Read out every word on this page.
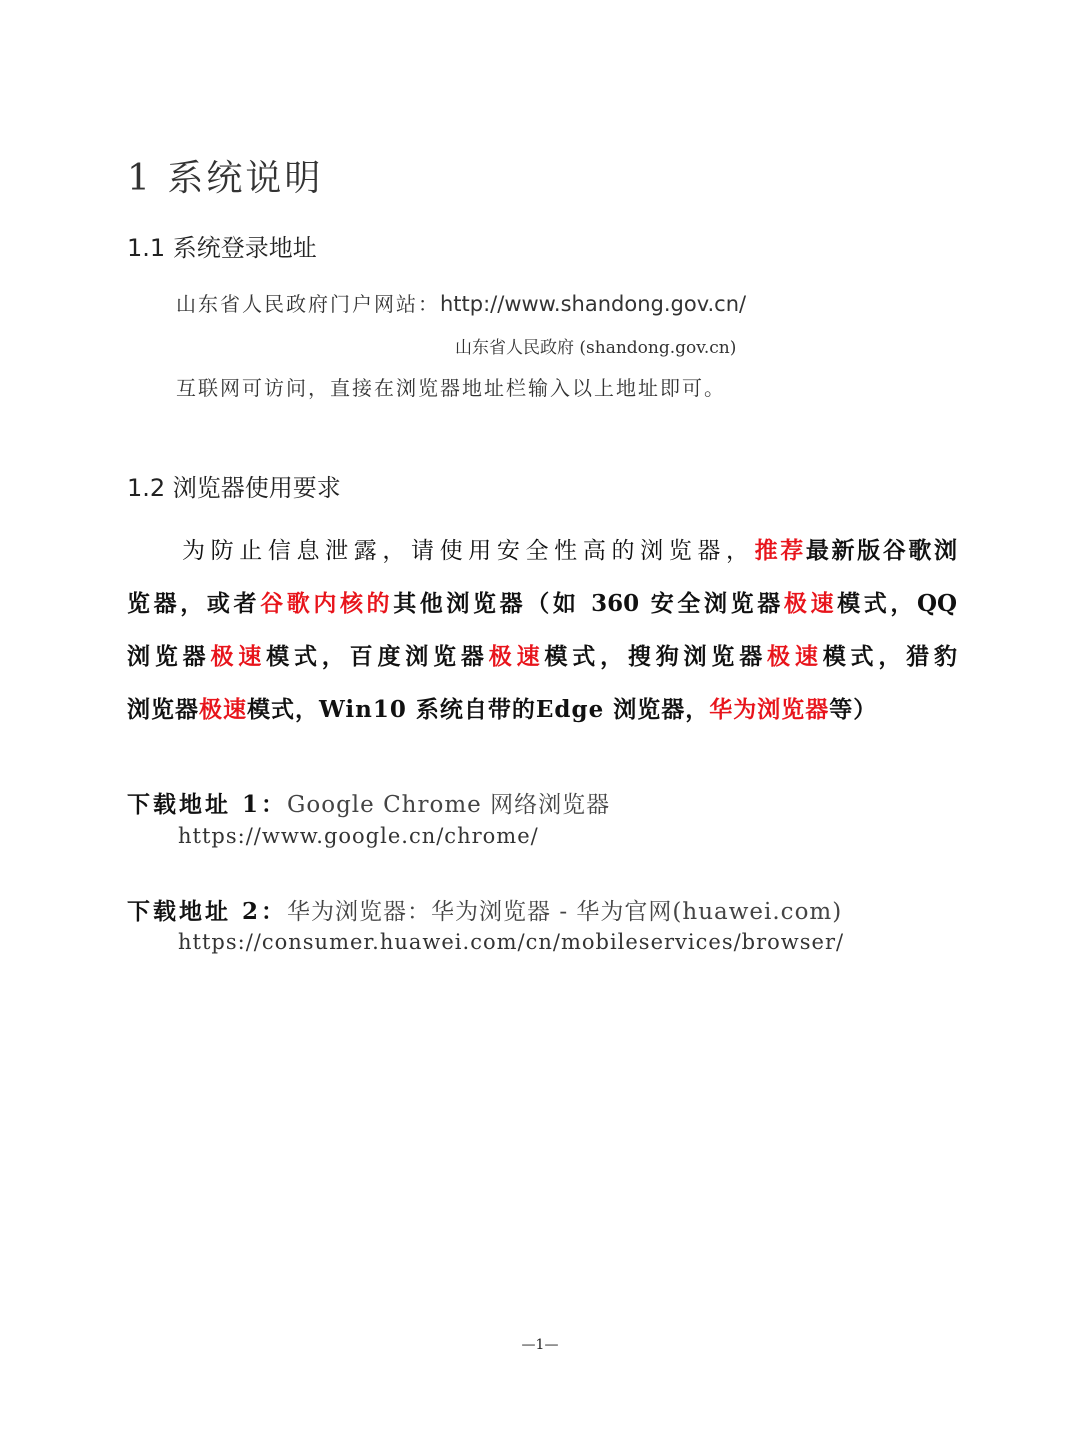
1 系统说明
1.1 系统登录地址
山东省人民政府门户网站：http://www.shandong.gov.cn/
山东省人民政府 (shandong.gov.cn)
互联网可访问，直接在浏览器地址栏输入以上地址即可。
1.2 浏览器使用要求
为防止信息泄露，请使用安全性高的浏览器，推荐最新版谷歌浏
览器，或者谷歌内核的其他浏览器（如 360 安全浏览器极速模式，QQ
浏览器极速模式，百度浏览器极速模式，搜狗浏览器极速模式，猎豹
浏览器极速模式，Win10 系统自带的Edge 浏览器，华为浏览器等）
下载地址 1：Google Chrome 网络浏览器
https://www.google.cn/chrome/
下载地址 2：华为浏览器：华为浏览器 - 华为官网(huawei.com)
https://consumer.huawei.com/cn/mobileservices/browser/
—1—
